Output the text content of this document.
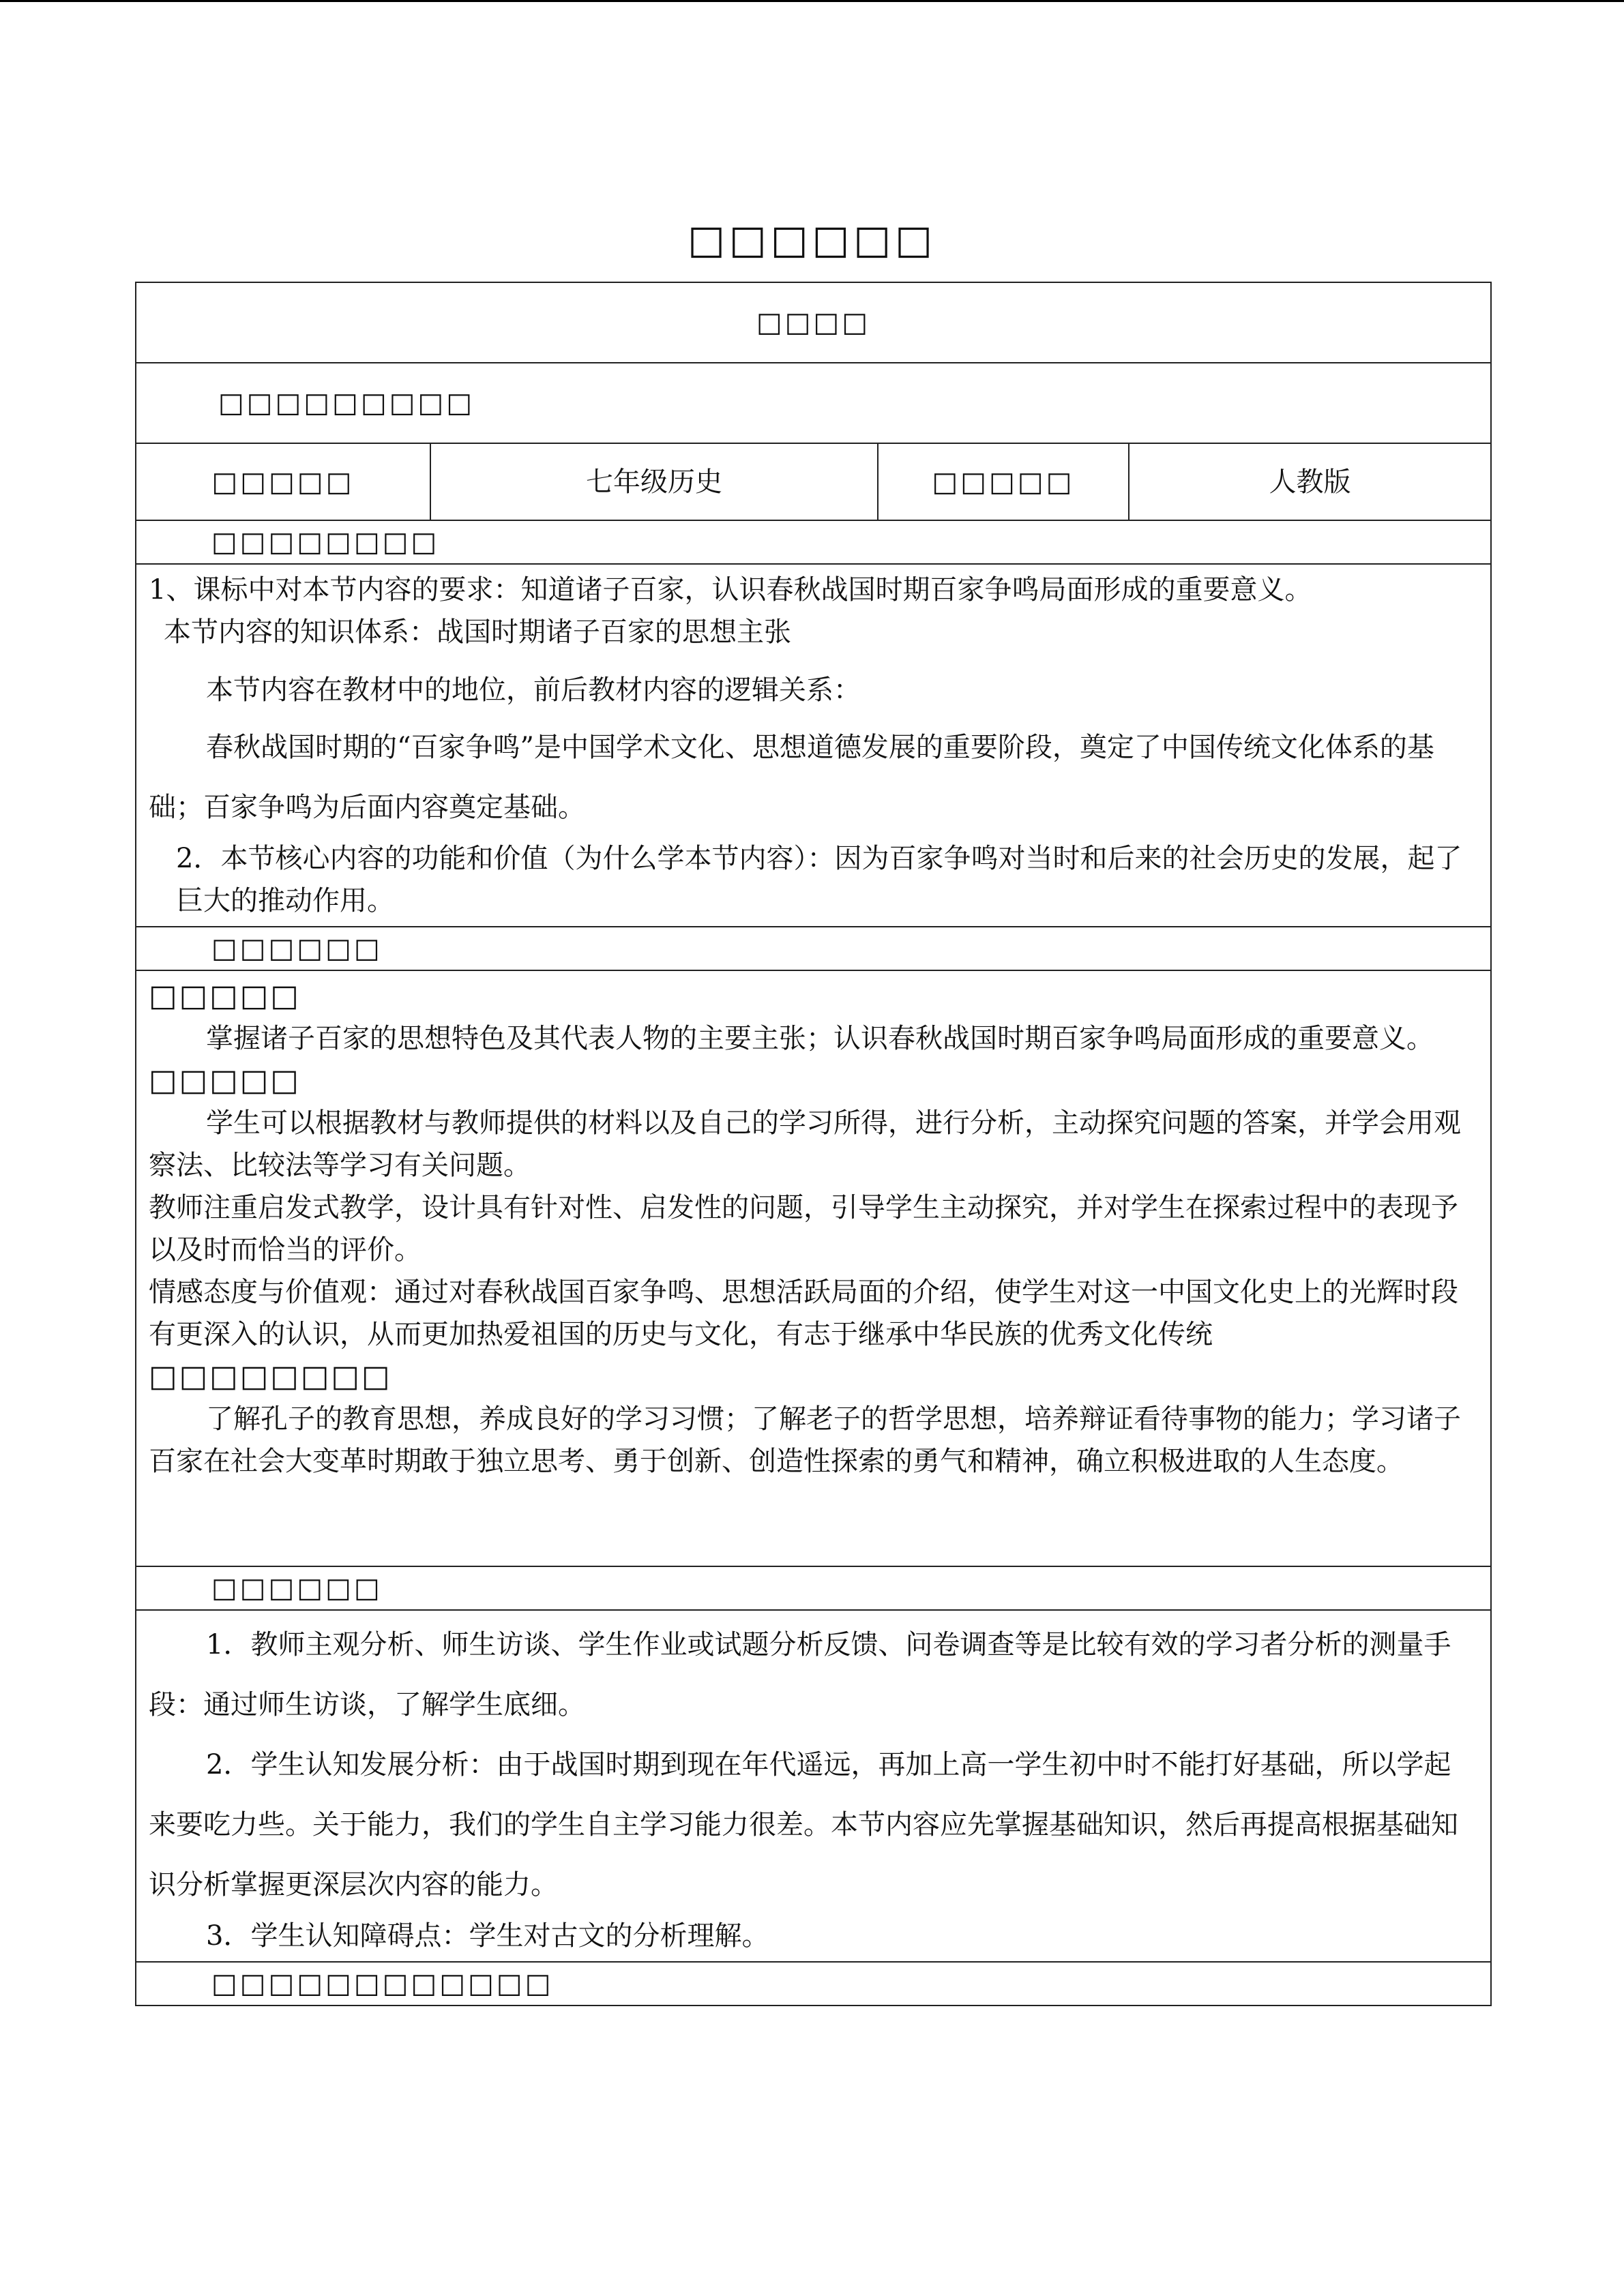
□□□□□□
□□□□
□□□□□□□□□
□□□□□	七年级历史	□□□□□	人教版
□□□□□□□□

1、课标中对本节内容的要求：知道诸子百家，认识春秋战国时期百家争鸣局面形成的重要意义。

本节内容的知识体系：战国时期诸子百家的思想主张

本节内容在教材中的地位，前后教材内容的逻辑关系：

春秋战国时期的“百家争鸣”是中国学术文化、思想道德发展的重要阶段，奠定了中国传统文化体系的基础；百家争鸣为后面内容奠定基础。

2．本节核心内容的功能和价值（为什么学本节内容）：因为百家争鸣对当时和后来的社会历史的发展，起了巨大的推动作用。

□□□□□□

□□□□□

掌握诸子百家的思想特色及其代表人物的主要主张；认识春秋战国时期百家争鸣局面形成的重要意义。

□□□□□

学生可以根据教材与教师提供的材料以及自己的学习所得，进行分析，主动探究问题的答案，并学会用观察法、比较法等学习有关问题。

教师注重启发式教学，设计具有针对性、启发性的问题，引导学生主动探究，并对学生在探索过程中的表现予以及时而恰当的评价。

情感态度与价值观：通过对春秋战国百家争鸣、思想活跃局面的介绍，使学生对这一中国文化史上的光辉时段有更深入的认识，从而更加热爱祖国的历史与文化，有志于继承中华民族的优秀文化传统

□□□□□□□□

了解孔子的教育思想，养成良好的学习习惯；了解老子的哲学思想，培养辩证看待事物的能力；学习诸子百家在社会大变革时期敢于独立思考、勇于创新、创造性探索的勇气和精神，确立积极进取的人生态度。

□□□□□□

1．教师主观分析、师生访谈、学生作业或试题分析反馈、问卷调查等是比较有效的学习者分析的测量手段：通过师生访谈，了解学生底细。

2．学生认知发展分析：由于战国时期到现在年代遥远，再加上高一学生初中时不能打好基础，所以学起来要吃力些。关于能力，我们的学生自主学习能力很差。本节内容应先掌握基础知识，然后再提高根据基础知识分析掌握更深层次内容的能力。

3．学生认知障碍点：学生对古文的分析理解。

□□□□□□□□□□□□
